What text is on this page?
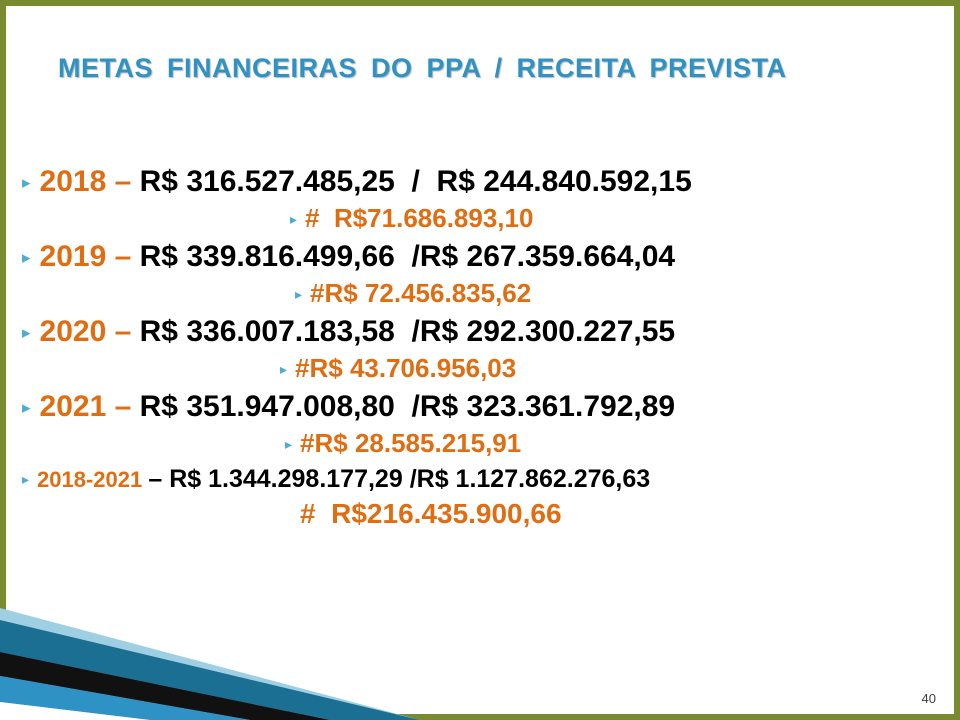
METAS FINANCEIRAS DO PPA / RECEITA PREVISTA
▸ 2018 – R$ 316.527.485,25  /  R$ 244.840.592,15
▸ #  R$71.686.893,10
▸ 2019 – R$ 339.816.499,66  /R$ 267.359.664,04
▸ #R$ 72.456.835,62
▸ 2020 – R$ 336.007.183,58  /R$ 292.300.227,55
▸ #R$ 43.706.956,03
▸ 2021 – R$ 351.947.008,80  /R$ 323.361.792,89
▸ #R$ 28.585.215,91
▸ 2018-2021 – R$ 1.344.298.177,29 /R$ 1.127.862.276,63
#  R$216.435.900,66
40
